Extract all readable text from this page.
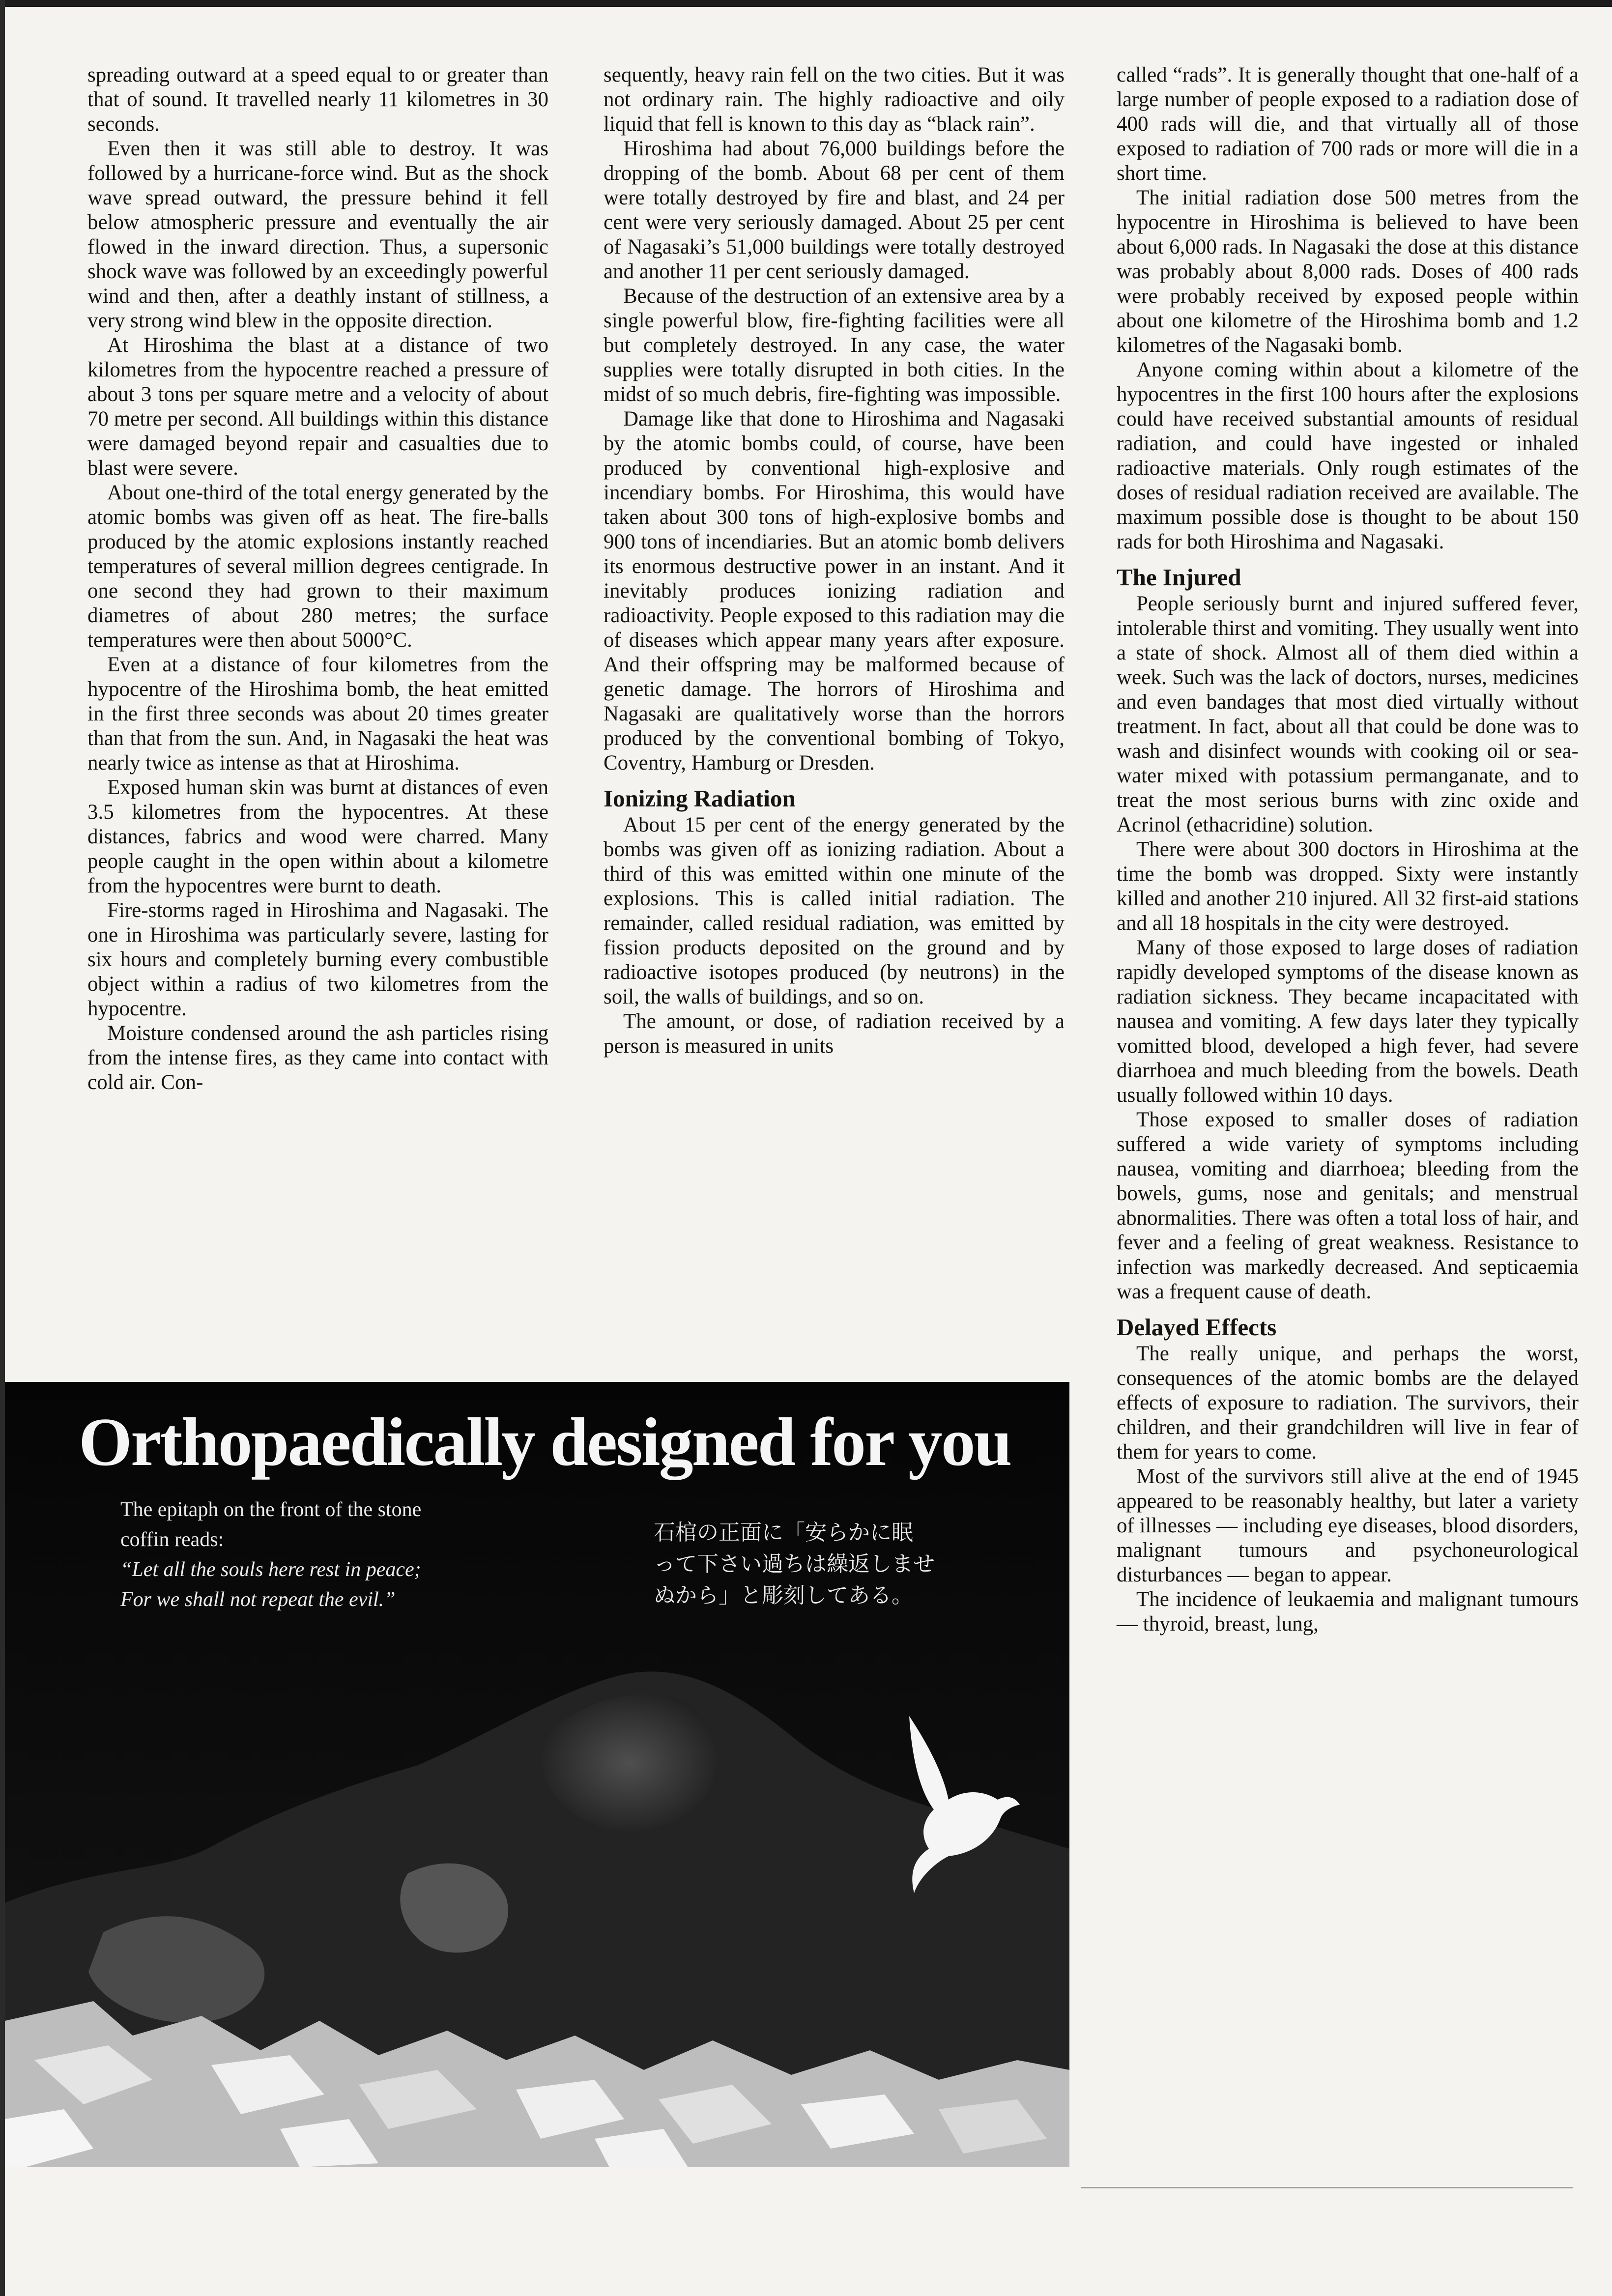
spreading outward at a speed equal to or greater than that of sound. It travelled nearly 11 kilometres in 30 seconds.

Even then it was still able to destroy. It was followed by a hurricane-force wind. But as the shock wave spread outward, the pressure behind it fell below atmospheric pressure and eventually the air flowed in the inward direction. Thus, a supersonic shock wave was followed by an exceedingly powerful wind and then, after a deathly instant of stillness, a very strong wind blew in the opposite direction.

At Hiroshima the blast at a distance of two kilometres from the hypocentre reached a pressure of about 3 tons per square metre and a velocity of about 70 metre per second. All buildings within this distance were damaged beyond repair and casualties due to blast were severe.

About one-third of the total energy generated by the atomic bombs was given off as heat. The fire-balls produced by the atomic explosions instantly reached temperatures of several million degrees centigrade. In one second they had grown to their maximum diametres of about 280 metres; the surface temperatures were then about 5000°C.

Even at a distance of four kilometres from the hypocentre of the Hiroshima bomb, the heat emitted in the first three seconds was about 20 times greater than that from the sun. And, in Nagasaki the heat was nearly twice as intense as that at Hiroshima.

Exposed human skin was burnt at distances of even 3.5 kilometres from the hypocentres. At these distances, fabrics and wood were charred. Many people caught in the open within about a kilometre from the hypocentres were burnt to death.

Fire-storms raged in Hiroshima and Nagasaki. The one in Hiroshima was particularly severe, lasting for six hours and completely burning every combustible object within a radius of two kilometres from the hypocentre.

Moisture condensed around the ash particles rising from the intense fires, as they came into contact with cold air. Con-

sequently, heavy rain fell on the two cities. But it was not ordinary rain. The highly radioactive and oily liquid that fell is known to this day as “black rain”.

Hiroshima had about 76,000 buildings before the dropping of the bomb. About 68 per cent of them were totally destroyed by fire and blast, and 24 per cent were very seriously damaged. About 25 per cent of Nagasaki’s 51,000 buildings were totally destroyed and another 11 per cent seriously damaged.

Because of the destruction of an extensive area by a single powerful blow, fire-fighting facilities were all but completely destroyed. In any case, the water supplies were totally disrupted in both cities. In the midst of so much debris, fire-fighting was impossible.

Damage like that done to Hiroshima and Nagasaki by the atomic bombs could, of course, have been produced by conventional high-explosive and incendiary bombs. For Hiroshima, this would have taken about 300 tons of high-explosive bombs and 900 tons of incendiaries. But an atomic bomb delivers its enormous destructive power in an instant. And it inevitably produces ionizing radiation and radioactivity. People exposed to this radiation may die of diseases which appear many years after exposure. And their offspring may be malformed because of genetic damage. The horrors of Hiroshima and Nagasaki are qualitatively worse than the horrors produced by the conventional bombing of Tokyo, Coventry, Hamburg or Dresden.

Ionizing Radiation

About 15 per cent of the energy generated by the bombs was given off as ionizing radiation. About a third of this was emitted within one minute of the explosions. This is called initial radiation. The remainder, called residual radiation, was emitted by fission products deposited on the ground and by radioactive isotopes produced (by neutrons) in the soil, the walls of buildings, and so on.

The amount, or dose, of radiation received by a person is measured in units

called “rads”. It is generally thought that one-half of a large number of people exposed to a radiation dose of 400 rads will die, and that virtually all of those exposed to radiation of 700 rads or more will die in a short time.

The initial radiation dose 500 metres from the hypocentre in Hiroshima is believed to have been about 6,000 rads. In Nagasaki the dose at this distance was probably about 8,000 rads. Doses of 400 rads were probably received by exposed people within about one kilometre of the Hiroshima bomb and 1.2 kilometres of the Nagasaki bomb.

Anyone coming within about a kilometre of the hypocentres in the first 100 hours after the explosions could have received substantial amounts of residual radiation, and could have ingested or inhaled radioactive materials. Only rough estimates of the doses of residual radiation received are available. The maximum possible dose is thought to be about 150 rads for both Hiroshima and Nagasaki.

The Injured

People seriously burnt and injured suffered fever, intolerable thirst and vomiting. They usually went into a state of shock. Almost all of them died within a week. Such was the lack of doctors, nurses, medicines and even bandages that most died virtually without treatment. In fact, about all that could be done was to wash and disinfect wounds with cooking oil or sea-water mixed with potassium permanganate, and to treat the most serious burns with zinc oxide and Acrinol (ethacridine) solution.

There were about 300 doctors in Hiroshima at the time the bomb was dropped. Sixty were instantly killed and another 210 injured. All 32 first-aid stations and all 18 hospitals in the city were destroyed.

Many of those exposed to large doses of radiation rapidly developed symptoms of the disease known as radiation sickness. They became incapacitated with nausea and vomiting. A few days later they typically vomitted blood, developed a high fever, had severe diarrhoea and much bleeding from the bowels. Death usually followed within 10 days.

Those exposed to smaller doses of radiation suffered a wide variety of symptoms including nausea, vomiting and diarrhoea; bleeding from the bowels, gums, nose and genitals; and menstrual abnormalities. There was often a total loss of hair, and fever and a feeling of great weakness. Resistance to infection was markedly decreased. And septicaemia was a frequent cause of death.

Delayed Effects

The really unique, and perhaps the worst, consequences of the atomic bombs are the delayed effects of exposure to radiation. The survivors, their children, and their grandchildren will live in fear of them for years to come.

Most of the survivors still alive at the end of 1945 appeared to be reasonably healthy, but later a variety of illnesses — including eye diseases, blood disorders, malignant tumours and psychoneurological disturbances — began to appear.

The incidence of leukaemia and malignant tumours — thyroid, breast, lung,

Orthopaedically designed for you
The epitaph on the front of the stone coffin reads:
“Let all the souls here rest in peace; For we shall not repeat the evil.”
石棺の正面に「安らかに眠
って下さい過ちは繰返しませ
ぬから」と彫刻してある。
